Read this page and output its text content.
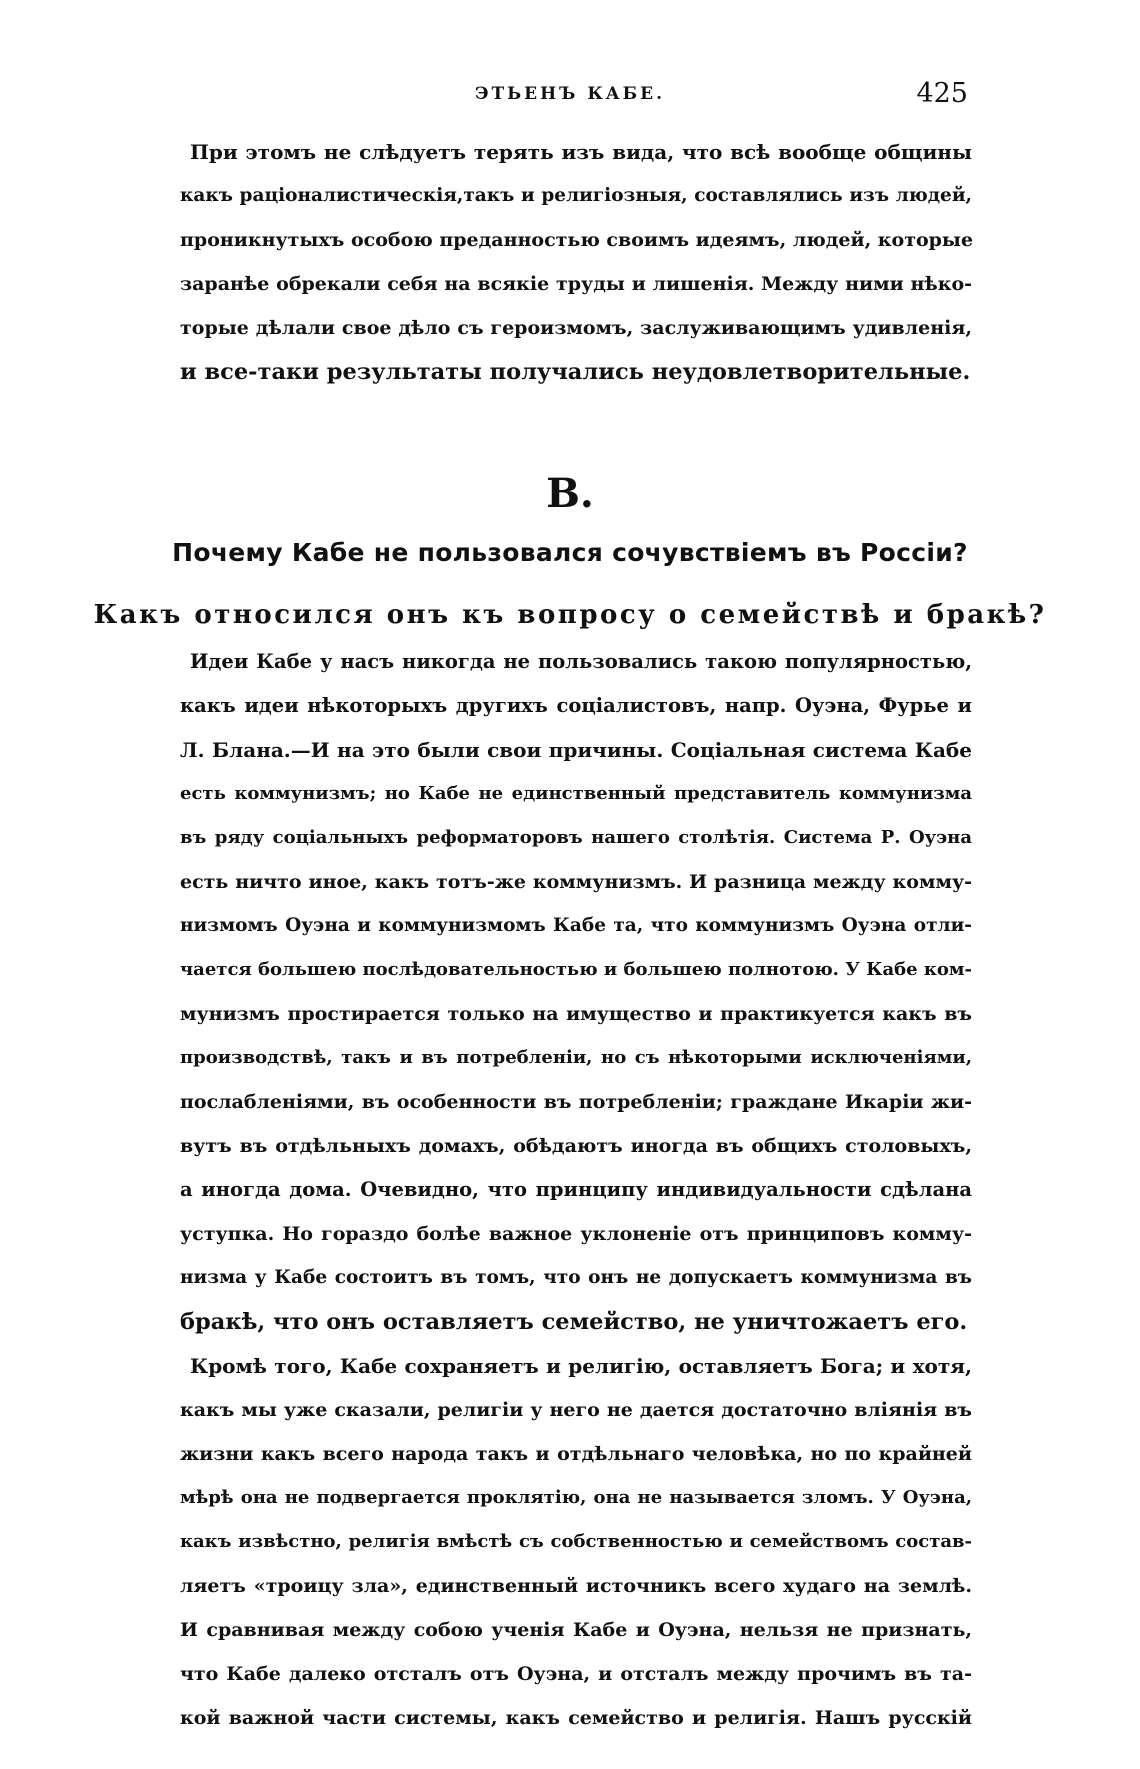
ЭТЬЕНЪ КАБЕ.	425
При этомъ не слѣдуетъ терять изъ вида, что всѣ вообще общины
какъ раціоналистическія,такъ и религіозныя, составлялись изъ людей,
проникнутыхъ особою преданностью своимъ идеямъ, людей, которые
заранѣе обрекали себя на всякіе труды и лишенія. Между ними нѣко-
торые дѣлали свое дѣло съ героизмомъ, заслуживающимъ удивленія,
и все-таки результаты получались неудовлетворительные.
В.
Почему Кабе не пользовался сочувствіемъ въ Россіи?
Какъ относился онъ къ вопросу о семействѣ и бракѣ?
Идеи Кабе у насъ никогда не пользовались такою популярностью,
какъ идеи нѣкоторыхъ другихъ соціалистовъ, напр. Оуэна, Фурье и
Л. Блана.—И на это были свои причины. Соціальная система Кабе
есть коммунизмъ; но Кабе не единственный представитель коммунизма
въ ряду соціальныхъ реформаторовъ нашего столѣтія. Система Р. Оуэна
есть ничто иное, какъ тотъ-же коммунизмъ. И разница между комму-
низмомъ Оуэна и коммунизмомъ Кабе та, что коммунизмъ Оуэна отли-
чается большею послѣдовательностью и большею полнотою. У Кабе ком-
мунизмъ простирается только на имущество и практикуется какъ въ
производствѣ, такъ и въ потребленіи, но съ нѣкоторыми исключеніями,
послабленіями, въ особенности въ потребленіи; граждане Икаріи жи-
вутъ въ отдѣльныхъ домахъ, обѣдаютъ иногда въ общихъ столовыхъ,
а иногда дома. Очевидно, что принципу индивидуальности сдѣлана
уступка. Но гораздо болѣе важное уклоненіе отъ принциповъ комму-
низма у Кабе состоитъ въ томъ, что онъ не допускаетъ коммунизма въ
бракѣ, что онъ оставляетъ семейство, не уничтожаетъ его.
Кромѣ того, Кабе сохраняетъ и религію, оставляетъ Бога; и хотя,
какъ мы уже сказали, религіи у него не дается достаточно вліянія въ
жизни какъ всего народа такъ и отдѣльнаго человѣка, но по крайней
мѣрѣ она не подвергается проклятію, она не называется зломъ. У Оуэна,
какъ извѣстно, религія вмѣстѣ съ собственностью и семействомъ состав-
ляетъ «троицу зла», единственный источникъ всего худаго на землѣ.
И сравнивая между собою ученія Кабе и Оуэна, нельзя не признать,
что Кабе далеко отсталъ отъ Оуэна, и отсталъ между прочимъ въ та-
кой важной части системы, какъ семейство и религія. Нашъ русскій
